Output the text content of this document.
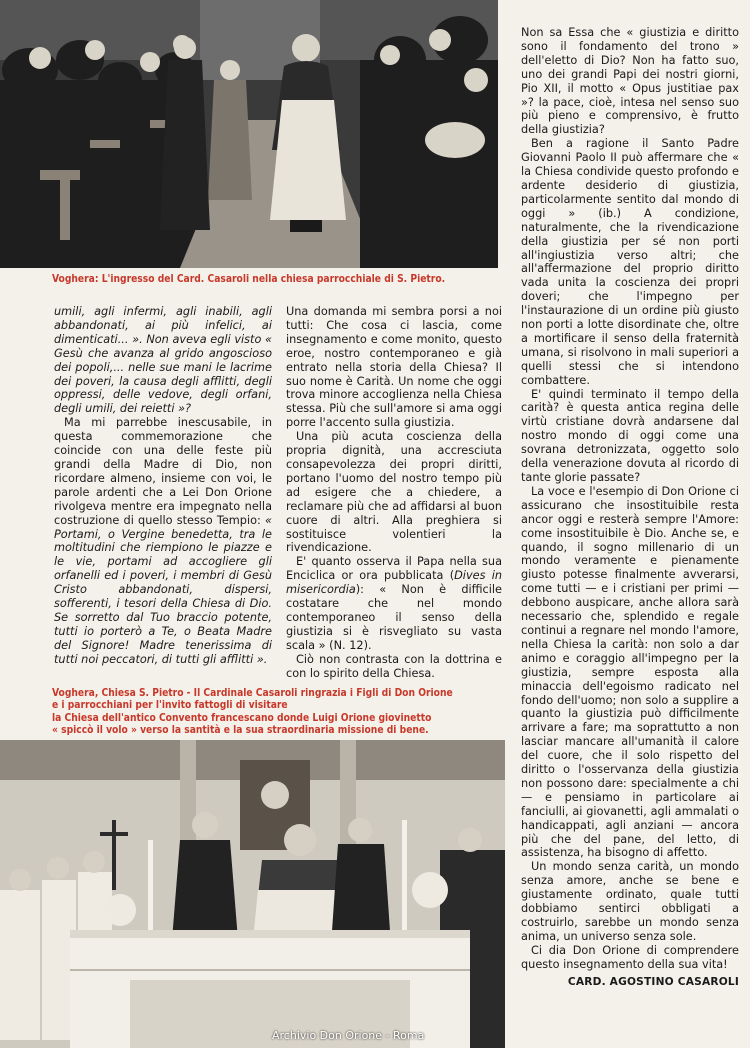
Voghera: L'ingresso del Card. Casaroli nella chiesa parrocchiale di S. Pietro.

umili, agli infermi, agli inabili, agli abbandonati, ai più infelici, ai dimenticati... ». Non aveva egli visto « Gesù che avanza al grido angoscioso dei popoli,... nelle sue mani le lacrime dei poveri, la causa degli afflitti, degli oppressi, delle vedove, degli orfani, degli umili, dei reietti »?

Ma mi parrebbe inescusabile, in questa commemorazione che coincide con una delle feste più grandi della Madre di Dio, non ricordare almeno, insieme con voi, le parole ardenti che a Lei Don Orione rivolgeva mentre era impegnato nella costruzione di quello stesso Tempio: « Portami, o Vergine benedetta, tra le moltitudini che riempiono le piazze e le vie, portami ad accogliere gli orfanelli ed i poveri, i membri di Gesù Cristo abbandonati, dispersi, sofferenti, i tesori della Chiesa di Dio. Se sorretto dal Tuo braccio potente, tutti io porterò a Te, o Beata Madre del Signore! Madre tenerissima di tutti noi peccatori, di tutti gli afflitti ».

Una domanda mi sembra porsi a noi tutti: Che cosa ci lascia, come insegnamento e come monito, questo eroe, nostro contemporaneo e già entrato nella storia della Chiesa? Il suo nome è Carità. Un nome che oggi trova minore accoglienza nella Chiesa stessa. Più che sull'amore si ama oggi porre l'accento sulla giustizia.

Una più acuta coscienza della propria dignità, una accresciuta consapevolezza dei propri diritti, portano l'uomo del nostro tempo più ad esigere che a chiedere, a reclamare più che ad affidarsi al buon cuore di altri. Alla preghiera si sostituisce volentieri la rivendicazione.

E' quanto osserva il Papa nella sua Enciclica or ora pubblicata (Dives in misericordia): « Non è difficile costatare che nel mondo contemporaneo il senso della giustizia si è risvegliato su vasta scala » (N. 12).

Ciò non contrasta con la dottrina e con lo spirito della Chiesa.

Voghera, Chiesa S. Pietro - Il Cardinale Casaroli ringrazia i Figli di Don Orione
e i parrocchiani per l'invito fattogli di visitare
la Chiesa dell'antico Convento francescano donde Luigi Orione giovinetto
« spiccò il volo » verso la santità e la sua straordinaria missione di bene.
Archivio Don Orione - Roma

Non sa Essa che « giustizia e diritto sono il fondamento del trono » dell'eletto di Dio? Non ha fatto suo, uno dei grandi Papi dei nostri giorni, Pio XII, il motto « Opus justitiae pax »? la pace, cioè, intesa nel senso suo più pieno e comprensivo, è frutto della giustizia?

Ben a ragione il Santo Padre Giovanni Paolo II può affermare che « la Chiesa condivide questo profondo e ardente desiderio di giustizia, particolarmente sentito dal mondo di oggi » (ib.) A condizione, naturalmente, che la rivendicazione della giustizia per sé non porti all'ingiustizia verso altri; che all'affermazione del proprio diritto vada unita la coscienza dei propri doveri; che l'impegno per l'instaurazione di un ordine più giusto non porti a lotte disordinate che, oltre a mortificare il senso della fraternità umana, si risolvono in mali superiori a quelli stessi che si intendono combattere.

E' quindi terminato il tempo della carità? è questa antica regina delle virtù cristiane dovrà andarsene dal nostro mondo di oggi come una sovrana detronizzata, oggetto solo della venerazione dovuta al ricordo di tante glorie passate?

La voce e l'esempio di Don Orione ci assicurano che insostituibile resta ancor oggi e resterà sempre l'Amore: come insostituibile è Dio. Anche se, e quando, il sogno millenario di un mondo veramente e pienamente giusto potesse finalmente avverarsi, come tutti — e i cristiani per primi — debbono auspicare, anche allora sarà necessario che, splendido e regale continui a regnare nel mondo l'amore, nella Chiesa la carità: non solo a dar animo e coraggio all'impegno per la giustizia, sempre esposta alla minaccia dell'egoismo radicato nel fondo dell'uomo; non solo a supplire a quanto la giustizia può difficilmente arrivare a fare; ma soprattutto a non lasciar mancare all'umanità il calore del cuore, che il solo rispetto del diritto o l'osservanza della giustizia non possono dare: specialmente a chi — e pensiamo in particolare ai fanciulli, ai giovanetti, agli ammalati o handicappati, agli anziani — ancora più che del pane, del letto, di assistenza, ha bisogno di affetto.

Un mondo senza carità, un mondo senza amore, anche se bene e giustamente ordinato, quale tutti dobbiamo sentirci obbligati a costruirlo, sarebbe un mondo senza anima, un universo senza sole.

Ci dia Don Orione di comprendere questo insegnamento della sua vita!

CARD. AGOSTINO CASAROLI
